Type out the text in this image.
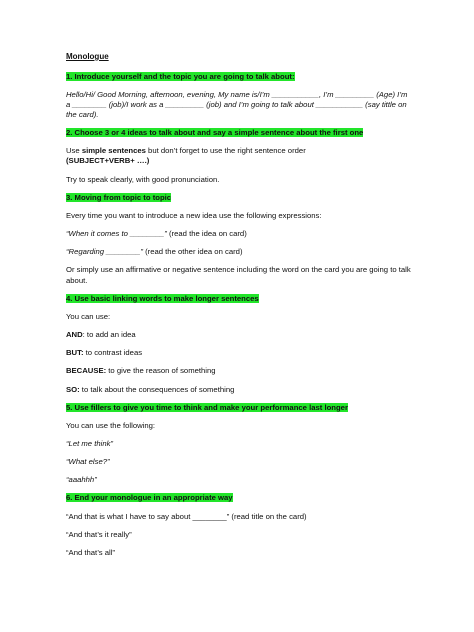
Monologue

1. Introduce yourself and the topic you are going to talk about:

Hello/Hi/ Good Morning, afternoon, evening, My name is/I’m ___________, I’m _________ (Age) I’m a ________ (job)/I work as a _________ (job) and I’m going to talk about ___________ (say tittle on the card).

2. Choose 3 or 4 ideas to talk about and say a simple sentence about the first one

Use simple sentences but don’t forget to use the right sentence order
(SUBJECT+VERB+ ….)

Try to speak clearly, with good pronunciation.

3. Moving from topic to topic

Every time you want to introduce a new idea use the following expressions:

“When it comes to ________” (read the idea on card)

“Regarding ________” (read the other idea on card)

Or simply use an affirmative or negative sentence including the word on the card you are going to talk about.

4. Use basic linking words to make longer sentences

You can use:

AND: to add an idea

BUT: to contrast ideas

BECAUSE: to give the reason of something

SO: to talk about the consequences of something

5. Use fillers to give you time to think and make your performance last longer

You can use the following:

“Let me think”

“What else?”

“aaahhh”

6. End your monologue in an appropriate way

“And that is what I have to say about ________” (read title on the card)

“And that’s it really”

“And that’s all”
